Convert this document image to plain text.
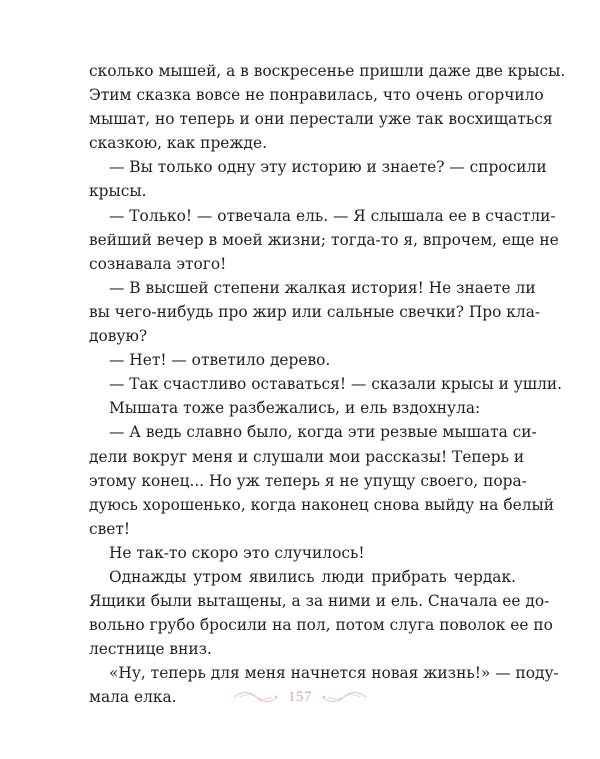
сколько мышей, а в воскресенье пришли даже две крысы.
Этим сказка вовсе не понравилась, что очень огорчило
мышат, но теперь и они перестали уже так восхищаться
сказкою, как прежде.
— Вы только одну эту историю и знаете? — спросили
крысы.
— Только! — отвечала ель. — Я слышала ее в счастли-
вейший вечер в моей жизни; тогда-то я, впрочем, еще не
сознавала этого!
— В высшей степени жалкая история! Не знаете ли
вы чего-нибудь про жир или сальные свечки? Про кла-
довую?
— Нет! — ответило дерево.
— Так счастливо оставаться! — сказали крысы и ушли.
Мышата тоже разбежались, и ель вздохнула:
— А ведь славно было, когда эти резвые мышата си-
дели вокруг меня и слушали мои рассказы! Теперь и
этому конец... Но уж теперь я не упущу своего, пора-
дуюсь хорошенько, когда наконец снова выйду на белый
свет!
Не так-то скоро это случилось!
Однажды утром явились люди прибрать чердак.
Ящики были вытащены, а за ними и ель. Сначала ее до-
вольно грубо бросили на пол, потом слуга поволок ее по
лестнице вниз.
«Ну, теперь для меня начнется новая жизнь!» — поду-
мала елка.	157
